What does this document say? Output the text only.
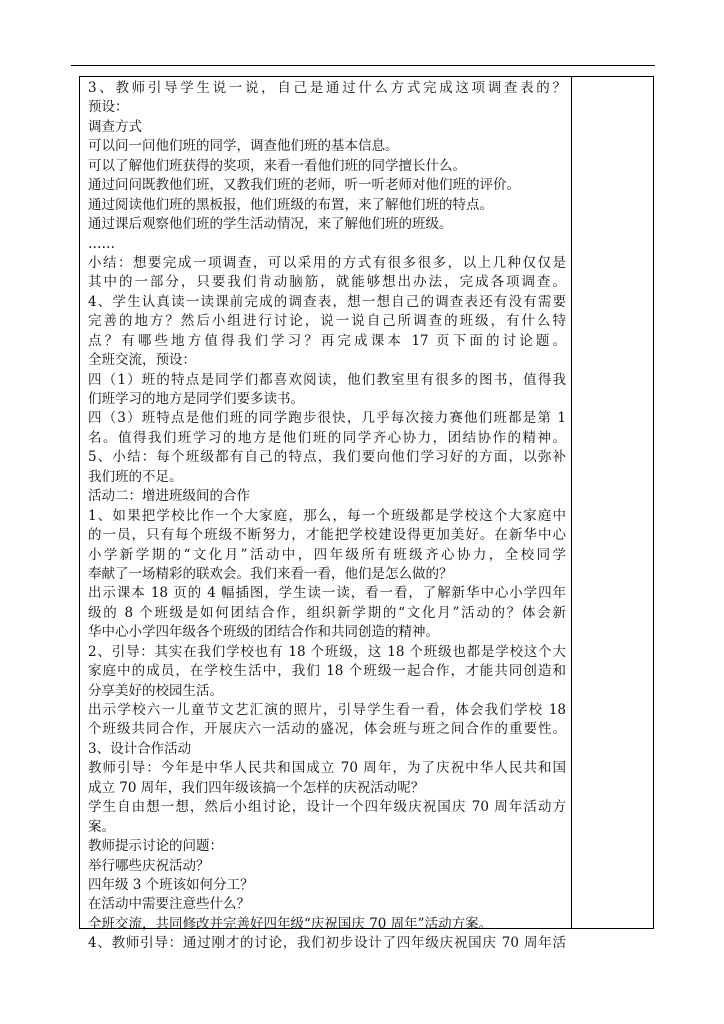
3、教师引导学生说一说，自己是通过什么方式完成这项调查表的？
预设：
调查方式
可以问一问他们班的同学，调查他们班的基本信息。
可以了解他们班获得的奖项，来看一看他们班的同学擅长什么。
通过问问既教他们班，又教我们班的老师，听一听老师对他们班的评价。
通过阅读他们班的黑板报，他们班级的布置，来了解他们班的特点。
通过课后观察他们班的学生活动情况，来了解他们班的班级。
……
小结：想要完成一项调查，可以采用的方式有很多很多，以上几种仅仅是
其中的一部分，只要我们肯动脑筋，就能够想出办法，完成各项调查。
4、学生认真读一读课前完成的调查表，想一想自己的调查表还有没有需要
完善的地方？然后小组进行讨论，说一说自己所调查的班级，有什么特
点？有哪些地方值得我们学习？再完成课本 17 页下面的讨论题。
全班交流，预设：
四（1）班的特点是同学们都喜欢阅读，他们教室里有很多的图书，值得我
们班学习的地方是同学们要多读书。
四（3）班特点是他们班的同学跑步很快，几乎每次接力赛他们班都是第 1
名。值得我们班学习的地方是他们班的同学齐心协力，团结协作的精神。
5、小结：每个班级都有自己的特点，我们要向他们学习好的方面，以弥补
我们班的不足。
活动二：增进班级间的合作
1、如果把学校比作一个大家庭，那么，每一个班级都是学校这个大家庭中
的一员，只有每个班级不断努力，才能把学校建设得更加美好。在新华中心
小学新学期的“文化月”活动中，四年级所有班级齐心协力，全校同学
奉献了一场精彩的联欢会。我们来看一看，他们是怎么做的？
出示课本 18 页的 4 幅插图，学生读一读，看一看，了解新华中心小学四年
级的 8 个班级是如何团结合作，组织新学期的“文化月”活动的？体会新
华中心小学四年级各个班级的团结合作和共同创造的精神。
2、引导：其实在我们学校也有 18 个班级，这 18 个班级也都是学校这个大
家庭中的成员，在学校生活中，我们 18 个班级一起合作，才能共同创造和
分享美好的校园生活。
出示学校六一儿童节文艺汇演的照片，引导学生看一看，体会我们学校 18
个班级共同合作，开展庆六一活动的盛况，体会班与班之间合作的重要性。
3、设计合作活动
教师引导：今年是中华人民共和国成立 70 周年，为了庆祝中华人民共和国
成立 70 周年，我们四年级该搞一个怎样的庆祝活动呢？
学生自由想一想，然后小组讨论，设计一个四年级庆祝国庆 70 周年活动方
案。
教师提示讨论的问题：
举行哪些庆祝活动？
四年级 3 个班该如何分工？
在活动中需要注意些什么？
全班交流，共同修改并完善好四年级“庆祝国庆 70 周年”活动方案。
4、教师引导：通过刚才的讨论，我们初步设计了四年级庆祝国庆 70 周年活
